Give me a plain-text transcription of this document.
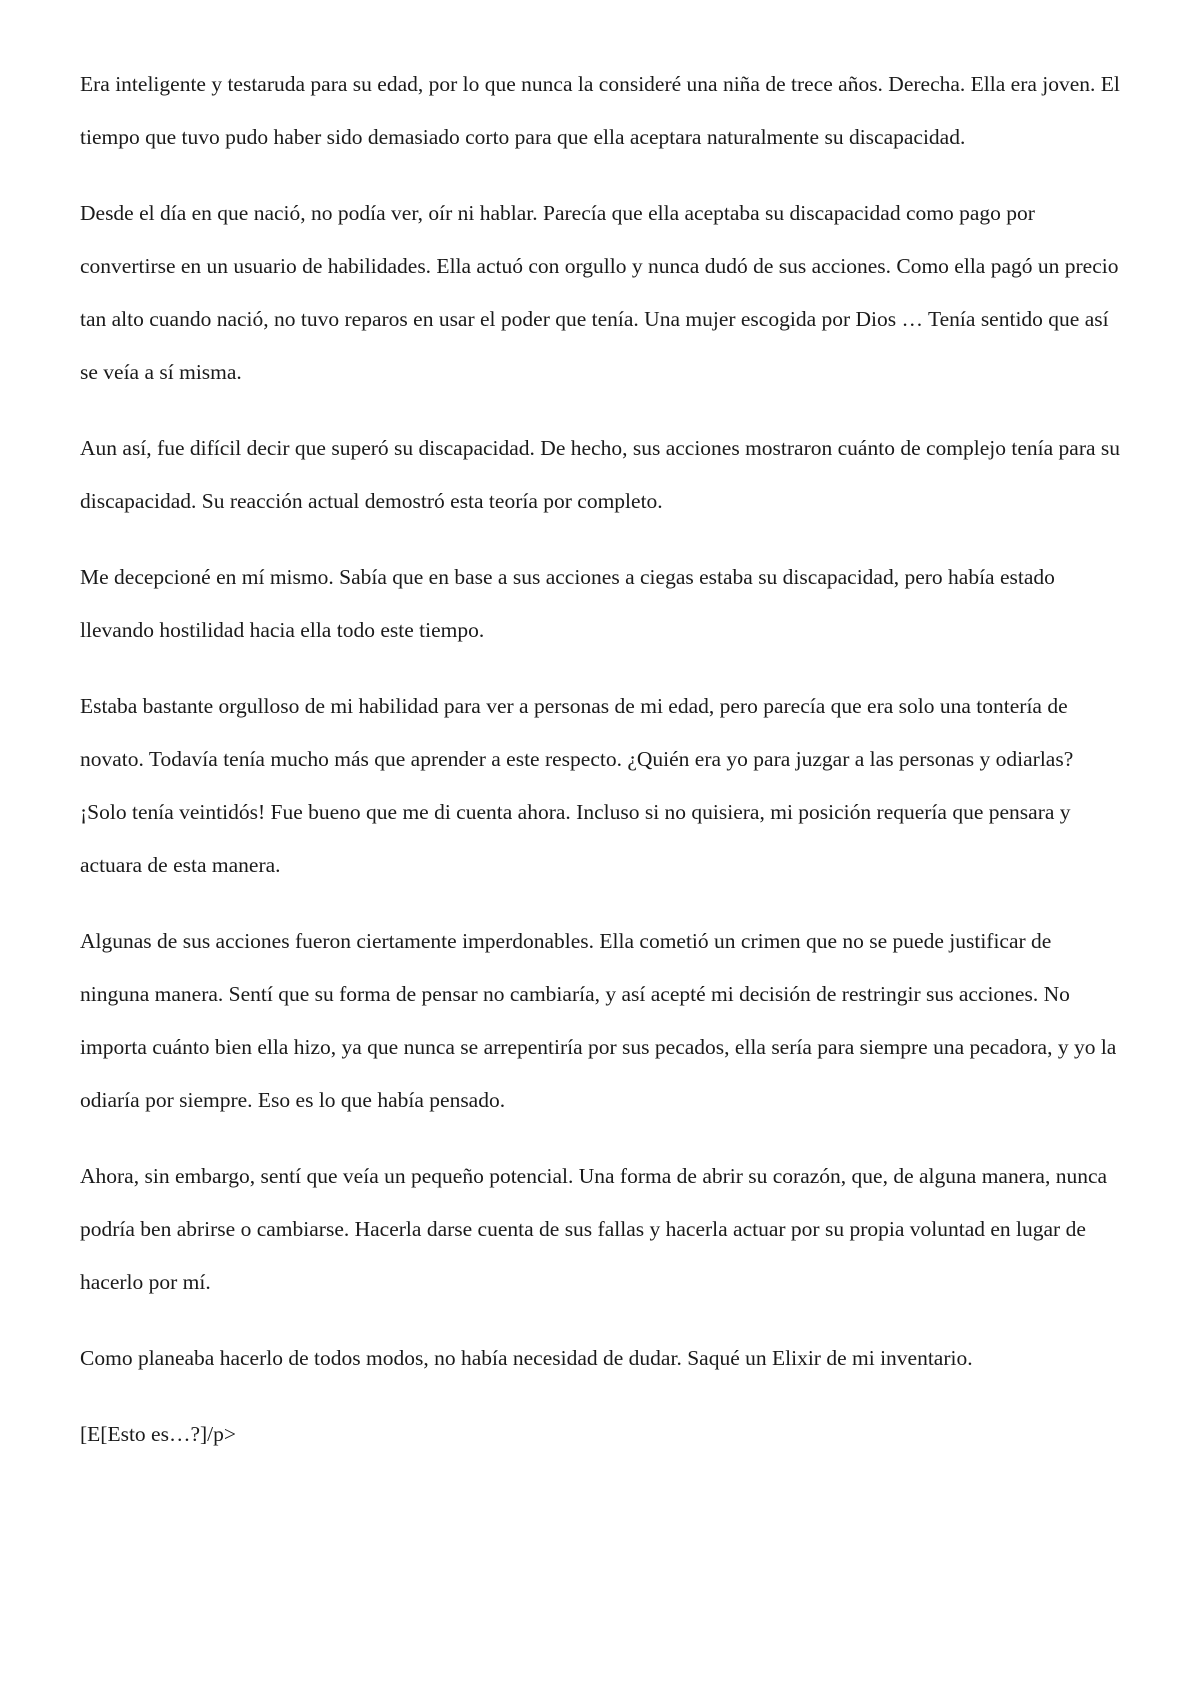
Era inteligente y testaruda para su edad, por lo que nunca la consideré una niña de trece años. Derecha. Ella era joven. El tiempo que tuvo pudo haber sido demasiado corto para que ella aceptara naturalmente su discapacidad.

Desde el día en que nació, no podía ver, oír ni hablar. Parecía que ella aceptaba su discapacidad como pago por convertirse en un usuario de habilidades. Ella actuó con orgullo y nunca dudó de sus acciones. Como ella pagó un precio tan alto cuando nació, no tuvo reparos en usar el poder que tenía. Una mujer escogida por Dios … Tenía sentido que así se veía a sí misma.

Aun así, fue difícil decir que superó su discapacidad. De hecho, sus acciones mostraron cuánto de complejo tenía para su discapacidad. Su reacción actual demostró esta teoría por completo.

Me decepcioné en mí mismo. Sabía que en base a sus acciones a ciegas estaba su discapacidad, pero había estado llevando hostilidad hacia ella todo este tiempo.

Estaba bastante orgulloso de mi habilidad para ver a personas de mi edad, pero parecía que era solo una tontería de novato. Todavía tenía mucho más que aprender a este respecto. ¿Quién era yo para juzgar a las personas y odiarlas? ¡Solo tenía veintidós! Fue bueno que me di cuenta ahora. Incluso si no quisiera, mi posición requería que pensara y actuara de esta manera.

Algunas de sus acciones fueron ciertamente imperdonables. Ella cometió un crimen que no se puede justificar de ninguna manera. Sentí que su forma de pensar no cambiaría, y así acepté mi decisión de restringir sus acciones. No importa cuánto bien ella hizo, ya que nunca se arrepentiría por sus pecados, ella sería para siempre una pecadora, y yo la odiaría por siempre. Eso es lo que había pensado.

Ahora, sin embargo, sentí que veía un pequeño potencial. Una forma de abrir su corazón, que, de alguna manera, nunca podría ben abrirse o cambiarse. Hacerla darse cuenta de sus fallas y hacerla actuar por su propia voluntad en lugar de hacerlo por mí.

Como planeaba hacerlo de todos modos, no había necesidad de dudar. Saqué un Elixir de mi inventario.

[E[Esto es…?]/p>
